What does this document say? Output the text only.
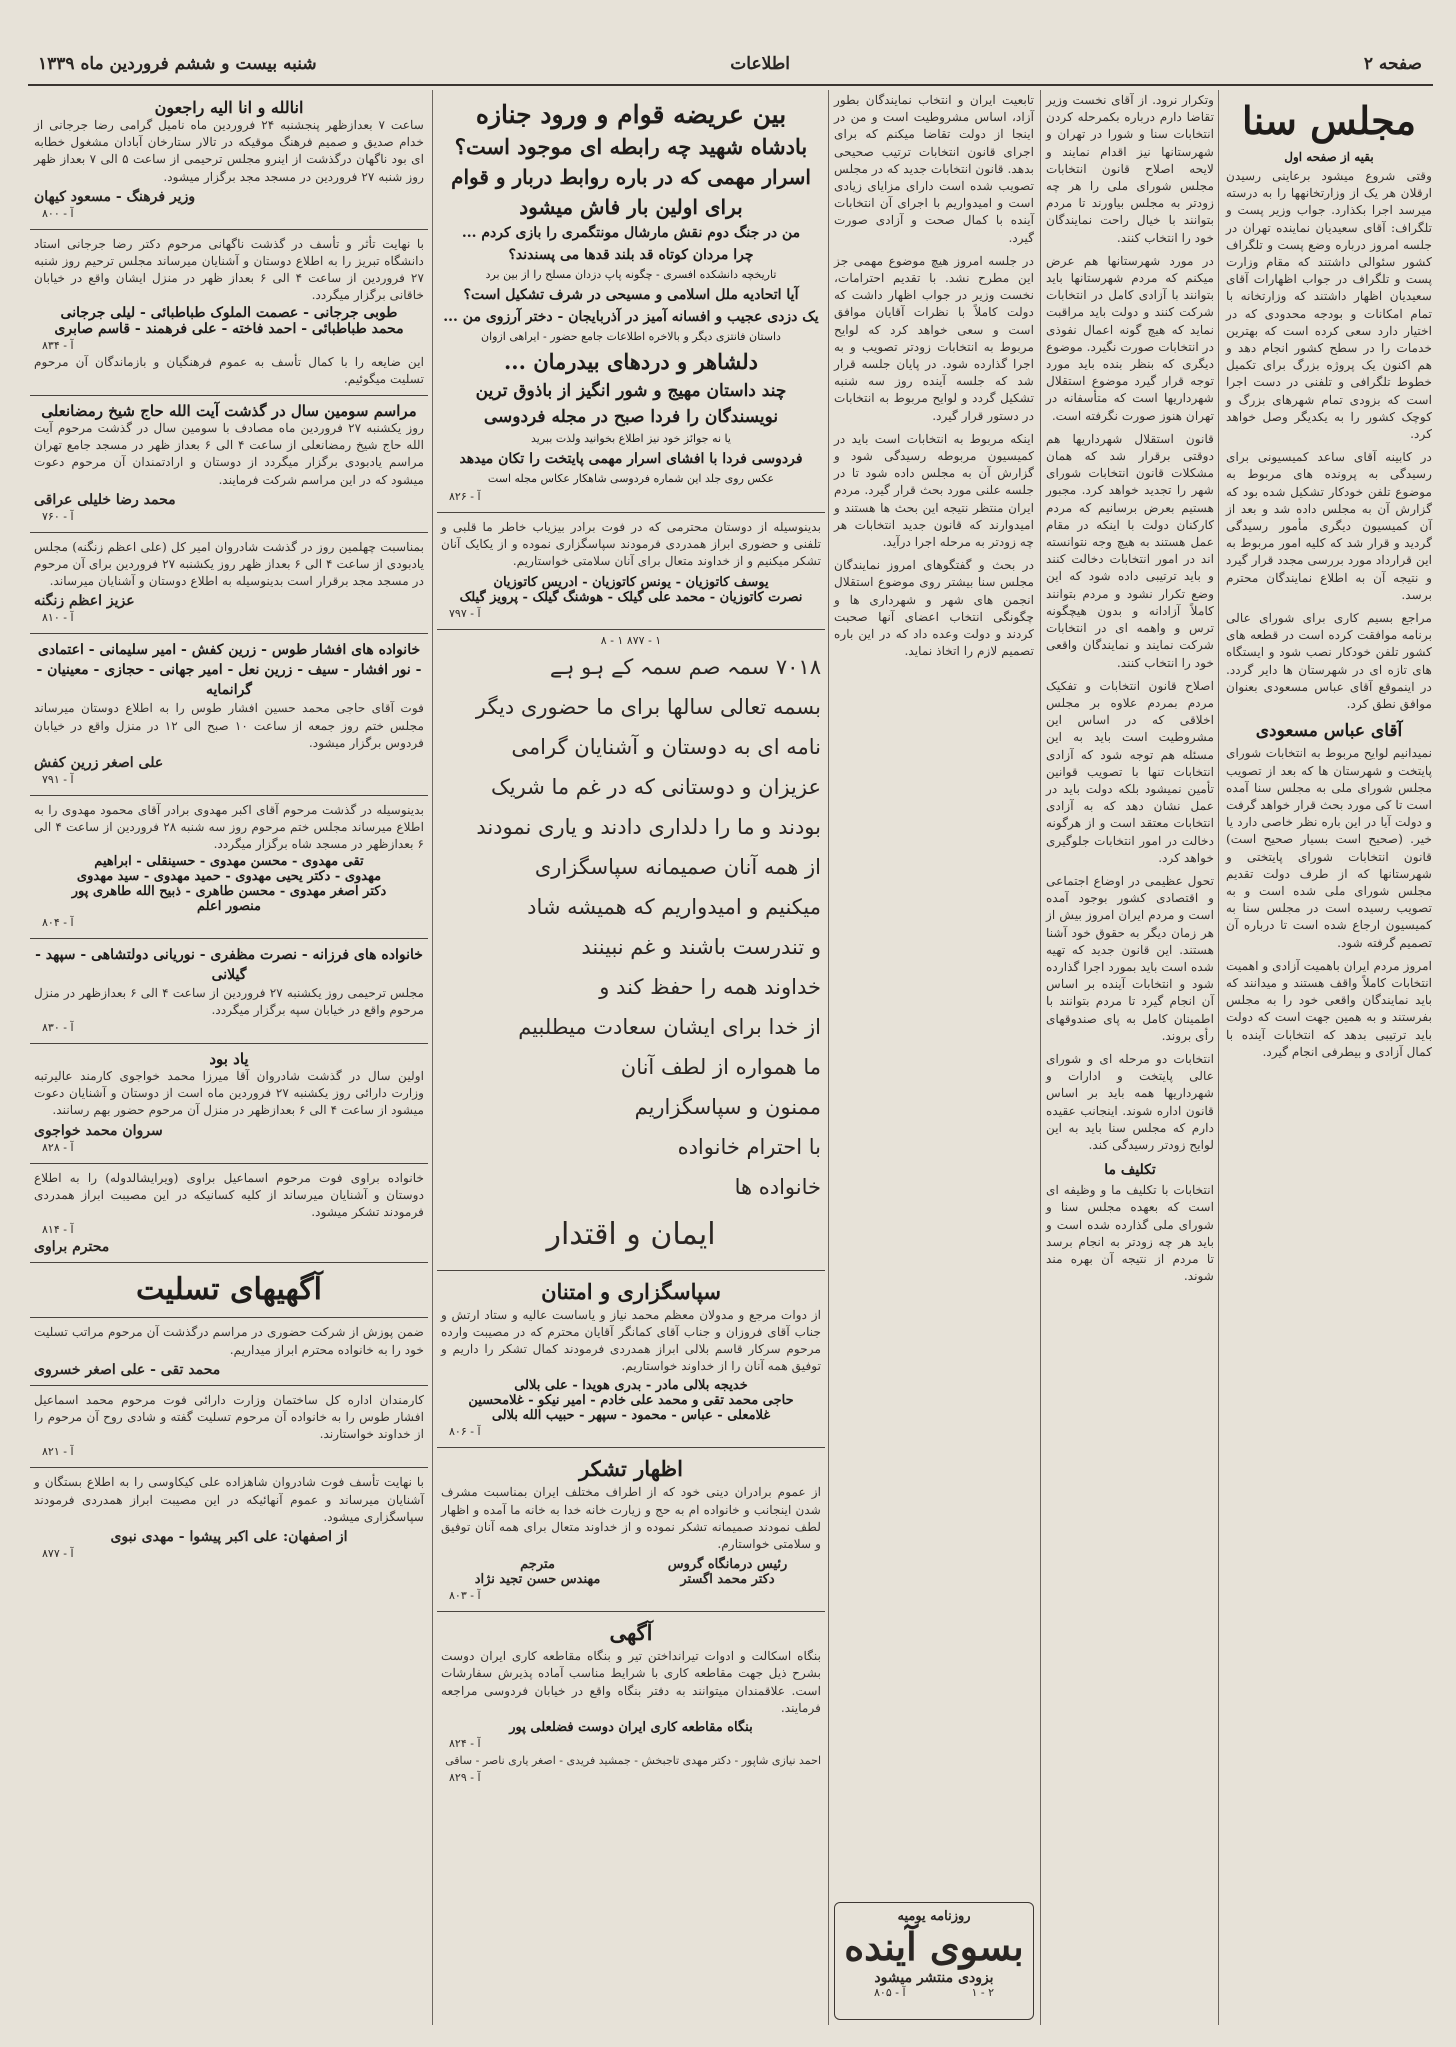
صفحه ۲
اطلاعات
شنبه بیست و ششم فروردین ماه ۱۳۳۹
مجلس سنا
بقیه از صفحه اول
وقتی شروع میشود برعاینی رسیدن ارقلان هر یک از وزارتخانهها را به درسته میرسد اجرا بکذارد. جواب وزیر پست و تلگراف: آقای سعیدیان نماینده تهران در جلسه امروز درباره وضع پست و تلگراف کشور سئوالی داشتند که مقام وزارت پست و تلگراف در جواب اظهارات آقای سعیدیان اظهار داشتند که وزارتخانه با تمام امکانات و بودجه محدودی که در اختیار دارد سعی کرده است که بهترین خدمات را در سطح کشور انجام دهد و هم اکنون یک پروژه بزرگ برای تکمیل خطوط تلگرافی و تلفنی در دست اجرا است که بزودی تمام شهرهای بزرگ و کوچک کشور را به یکدیگر وصل خواهد کرد.
در کابینه آقای ساعد کمیسیونی برای رسیدگی به پرونده های مربوط به موضوع تلفن خودکار تشکیل شده بود که گزارش آن به مجلس داده شد و بعد از آن کمیسیون دیگری مأمور رسیدگی گردید و قرار شد که کلیه امور مربوط به این قرارداد مورد بررسی مجدد قرار گیرد و نتیجه آن به اطلاع نمایندگان محترم برسد.
مراجع بسیم کاری برای شورای عالی برنامه موافقت کرده است در قطعه های کشور تلفن خودکار نصب شود و ایستگاه های تازه ای در شهرستان ها دایر گردد. در اینموقع آقای عباس مسعودی بعنوان موافق نطق کرد.
آقای عباس مسعودی
نمیدانیم لوایح مربوط به انتخابات شورای پایتخت و شهرستان ها که بعد از تصویب مجلس شورای ملی به مجلس سنا آمده است تا کی مورد بحث قرار خواهد گرفت و دولت آیا در این باره نظر خاصی دارد یا خیر. (صحیح است بسیار صحیح است) قانون انتخابات شورای پایتختی و شهرستانها که از طرف دولت تقدیم مجلس شورای ملی شده است و به تصویب رسیده است در مجلس سنا به کمیسیون ارجاع شده است تا درباره آن تصمیم گرفته شود.
امروز مردم ایران باهمیت آزادی و اهمیت انتخابات کاملاً واقف هستند و میدانند که باید نمایندگان واقعی خود را به مجلس بفرستند و به همین جهت است که دولت باید ترتیبی بدهد که انتخابات آینده با کمال آزادی و بیطرفی انجام گیرد.
وتکرار نرود. از آقای نخست وزیر تقاضا دارم درباره بکمرحله کردن انتخابات سنا و شورا در تهران و شهرستانها نیز اقدام نمایند و لایحه اصلاح قانون انتخابات مجلس شورای ملی را هر چه زودتر به مجلس بیاورند تا مردم بتوانند با خیال راحت نمایندگان خود را انتخاب کنند.
در مورد شهرستانها هم عرض میکنم که مردم شهرستانها باید بتوانند با آزادی کامل در انتخابات شرکت کنند و دولت باید مراقبت نماید که هیچ گونه اعمال نفوذی در انتخابات صورت نگیرد. موضوع دیگری که بنظر بنده باید مورد توجه قرار گیرد موضوع استقلال شهرداریها است که متأسفانه در تهران هنوز صورت نگرفته است.
قانون استقلال شهرداریها هم دوقتی برقرار شد که همان مشکلات قانون انتخابات شورای شهر را تجدید خواهد کرد. مجبور هستیم بعرض برسانیم که مردم کارکنان دولت با اینکه در مقام عمل هستند به هیچ وجه نتوانسته اند در امور انتخابات دخالت کنند و باید ترتیبی داده شود که این وضع تکرار نشود و مردم بتوانند کاملاً آزادانه و بدون هیچگونه ترس و واهمه ای در انتخابات شرکت نمایند و نمایندگان واقعی خود را انتخاب کنند.
اصلاح قانون انتخابات و تفکیک مردم بمردم علاوه بر مجلس اخلاقی که در اساس این مشروطیت است باید به این مسئله هم توجه شود که آزادی انتخابات تنها با تصویب قوانین تأمین نمیشود بلکه دولت باید در عمل نشان دهد که به آزادی انتخابات معتقد است و از هرگونه دخالت در امور انتخابات جلوگیری خواهد کرد.
تحول عظیمی در اوضاع اجتماعی و اقتصادی کشور بوجود آمده است و مردم ایران امروز بیش از هر زمان دیگر به حقوق خود آشنا هستند. این قانون جدید که تهیه شده است باید بمورد اجرا گذارده شود و انتخابات آینده بر اساس آن انجام گیرد تا مردم بتوانند با اطمینان کامل به پای صندوقهای رأی بروند.
انتخابات دو مرحله ای و شورای عالی پایتخت و ادارات و شهرداریها همه باید بر اساس قانون اداره شوند. اینجانب عقیده دارم که مجلس سنا باید به این لوایح زودتر رسیدگی کند.
تکلیف ما
انتخابات با تکلیف ما و وظیفه ای است که بعهده مجلس سنا و شورای ملی گذارده شده است و باید هر چه زودتر به انجام برسد تا مردم از نتیجه آن بهره مند شوند.
تابعیت ایران و انتخاب نمایندگان بطور آزاد، اساس مشروطیت است و من در اینجا از دولت تقاضا میکنم که برای اجرای قانون انتخابات ترتیب صحیحی بدهد. قانون انتخابات جدید که در مجلس تصویب شده است دارای مزایای زیادی است و امیدواریم با اجرای آن انتخابات آینده با کمال صحت و آزادی صورت گیرد.
در جلسه امروز هیچ موضوع مهمی جز این مطرح نشد. با تقدیم احترامات، نخست وزیر در جواب اظهار داشت که دولت کاملاً با نظرات آقایان موافق است و سعی خواهد کرد که لوایح مربوط به انتخابات زودتر تصویب و به اجرا گذارده شود. در پایان جلسه قرار شد که جلسه آینده روز سه شنبه تشکیل گردد و لوایح مربوط به انتخابات در دستور قرار گیرد.
اینکه مربوط به انتخابات است باید در کمیسیون مربوطه رسیدگی شود و گزارش آن به مجلس داده شود تا در جلسه علنی مورد بحث قرار گیرد. مردم ایران منتظر نتیجه این بحث ها هستند و امیدوارند که قانون جدید انتخابات هر چه زودتر به مرحله اجرا درآید.
در بحث و گفتگوهای امروز نمایندگان مجلس سنا بیشتر روی موضوع استقلال انجمن های شهر و شهرداری ها و چگونگی انتخاب اعضای آنها صحبت کردند و دولت وعده داد که در این باره تصمیم لازم را اتخاذ نماید.
روزنامه یومیه
بسوی آینده
بزودی منتشر میشود
۲ - ۱
آ - ۸۰۵
بین عریضه قوام و ورود جنازه
بادشاه شهید چه رابطه ای موجود است؟
اسرار مهمی که در باره روابط دربار و قوام برای اولین بار فاش میشود
من در جنگ دوم نقش مارشال مونتگمری را بازی کردم ...
چرا مردان کوتاه قد بلند قدها می پسندند؟
تاریخچه دانشکده افسری - چگونه پاپ دزدان مسلح را از بین برد
آیا اتحادیه ملل اسلامی و مسیحی در شرف تشکیل است؟
یک دزدی عجیب و افسانه آمیز در آذربایجان - دختر آرزوی من ...
داستان فانتزی دیگر و بالاخره اطلاعات جامع حضور - ایراهی ازوان
دلشاهر و دردهای بیدرمان ...
چند داستان مهیج و شور انگیز از باذوق ترین نویسندگان را فردا صبح در مجله فردوسی
یا نه جوائز خود نیز اطلاع بخوانید ولذت ببرید
فردوسی فردا با افشای اسرار مهمی پایتخت را تکان میدهد
عکس روی جلد این شماره فردوسی شاهکار عکاس مجله است
آ - ۸۲۶
بدینوسیله از دوستان محترمی که در فوت برادر بیزیاب خاطر ما قلبی و تلفنی و حضوری ابراز همدردی فرمودند سپاسگزاری نموده و از یکایک آنان تشکر میکنیم و از خداوند متعال برای آنان سلامتی خواستاریم.
یوسف کاتوزیان - یونس کاتوزیان - ادریس کاتوزیان
نصرت کاتوزیان - محمد علی گیلک - هوشنگ گیلک - پرویز گیلک
آ - ۷۹۷
۱ - ۸۷۷ ۱ - ۸
۷۰۱۸ سمہ صم سمہ کے ہو ہے
بسمه تعالی سالها برای ما حضوری دیگر
نامه ای به دوستان و آشنایان گرامی
عزیزان و دوستانی که در غم ما شریک
بودند و ما را دلداری دادند و یاری نمودند
از همه آنان صمیمانه سپاسگزاری
میکنیم و امیدواریم که همیشه شاد
و تندرست باشند و غم نبینند
خداوند همه را حفظ کند و
از خدا برای ایشان سعادت میطلبیم
ما همواره از لطف آنان
ممنون و سپاسگزاریم
با احترام خانواده
خانواده ها
ایمان و اقتدار
سپاسگزاری و امتنان
از دوات مرجع و مدولان معظم محمد نیاز و یاساست عالیه و ستاد ارتش و جناب آقای فروزان و جناب آقای کمانگر آقایان محترم که در مصیبت وارده مرحوم سرکار قاسم بلالی ابراز همدردی فرمودند کمال تشکر را داریم و توفیق همه آنان را از خداوند خواستاریم.
خدیجه بلالی مادر - بدری هویدا - علی بلالی
حاجی محمد تقی و محمد علی خادم - امیر نیکو - غلامحسین
غلامعلی - عباس - محمود - سپهر - حبیب الله بلالی
آ - ۸۰۶
اظهار تشکر
از عموم برادران دینی خود که از اطراف مختلف ایران بمناسبت مشرف شدن اینجانب و خانواده ام به حج و زیارت خانه خدا به خانه ما آمده و اظهار لطف نمودند صمیمانه تشکر نموده و از خداوند متعال برای همه آنان توفیق و سلامتی خواستارم.
رئیس درمانگاه گروس
دکتر محمد اگستر
مترجم
مهندس حسن تجید نژاد
آ - ۸۰۳
آگهی
بنگاه اسکالت و ادوات تیرانداختن تیر و بنگاه مقاطعه کاری ایران دوست بشرح ذیل جهت مقاطعه کاری با شرایط مناسب آماده پذیرش سفارشات است. علاقمندان میتوانند به دفتر بنگاه واقع در خیابان فردوسی مراجعه فرمایند.
بنگاه مقاطعه کاری ایران دوست فضلعلی پور
آ - ۸۲۴
احمد نیازی شاپور - دکتر مهدی تاجبخش - جمشید فریدی - اصغر یاری ناصر - ساقی
آ - ۸۲۹
انالله و انا الیه راجعون
ساعت ۷ بعدازظهر پنجشنبه ۲۴ فروردین ماه نامیل گرامی رضا جرجانی از خدام صدیق و صمیم فرهنگ موقیکه در تالار ستارخان آبادان مشغول خطابه ای بود ناگهان درگذشت از اینرو مجلس ترحیمی از ساعت ۵ الی ۷ بعداز ظهر روز شنبه ۲۷ فروردین در مسجد مجد برگزار میشود.
وزیر فرهنگ - مسعود کیهان
آ - ۸۰۰
با نهایت تأثر و تأسف در گذشت ناگهانی مرحوم دکتر رضا جرجانی استاد دانشگاه تبریز را به اطلاع دوستان و آشنایان میرساند مجلس ترحیم روز شنبه ۲۷ فروردین از ساعت ۴ الی ۶ بعداز ظهر در منزل ایشان واقع در خیابان خاقانی برگزار میگردد.
طوبی جرجانی - عصمت الملوک طباطبائی - لیلی جرجانی
محمد طباطبائی - احمد فاخته - علی فرهمند - قاسم صابری
آ - ۸۳۴
این ضایعه را با کمال تأسف به عموم فرهنگیان و بازماندگان آن مرحوم تسلیت میگوئیم.
مراسم سومین سال در گذشت آیت الله حاج شیخ رمضانعلی
روز یکشنبه ۲۷ فروردین ماه مصادف با سومین سال در گذشت مرحوم آیت الله حاج شیخ رمضانعلی از ساعت ۴ الی ۶ بعداز ظهر در مسجد جامع تهران مراسم یادبودی برگزار میگردد از دوستان و ارادتمندان آن مرحوم دعوت میشود که در این مراسم شرکت فرمایند.
محمد رضا خلیلی عراقی
آ - ۷۶۰
بمناسبت چهلمین روز در گذشت شادروان امیر کل (علی اعظم زنگنه) مجلس یادبودی از ساعت ۴ الی ۶ بعداز ظهر روز یکشنبه ۲۷ فروردین برای آن مرحوم در مسجد مجد برقرار است بدینوسیله به اطلاع دوستان و آشنایان میرساند.
عزیز اعظم زنگنه
آ - ۸۱۰
خانواده های افشار طوس - زرین کفش - امیر سلیمانی - اعتمادی - نور افشار - سیف - زرین نعل - امیر جهانی - حجازی - معینیان - گرانمایه
فوت آقای حاجی محمد حسین افشار طوس را به اطلاع دوستان میرساند مجلس ختم روز جمعه از ساعت ۱۰ صبح الی ۱۲ در منزل واقع در خیابان فردوس برگزار میشود.
علی اصغر زرین کفش
آ - ۷۹۱
بدینوسیله در گذشت مرحوم آقای اکبر مهدوی برادر آقای محمود مهدوی را به اطلاع میرساند مجلس ختم مرحوم روز سه شنبه ۲۸ فروردین از ساعت ۴ الی ۶ بعدازظهر در مسجد شاه برگزار میگردد.
تقی مهدوی - محسن مهدوی - حسینقلی - ابراهیم
مهدوی - دکتر یحیی مهدوی - حمید مهدوی - سید مهدوی
دکتر اصغر مهدوی - محسن طاهری - ذبیح الله طاهری پور
منصور اعلم
آ - ۸۰۴
خانواده های فرزانه - نصرت مظفری - نوریانی دولتشاهی - سپهد - گیلانی
مجلس ترحیمی روز یکشنبه ۲۷ فروردین از ساعت ۴ الی ۶ بعدازظهر در منزل مرحوم واقع در خیابان سپه برگزار میگردد.
آ - ۸۳۰
یاد بود
اولین سال در گذشت شادروان آقا میرزا محمد خواجوی کارمند عالیرتبه وزارت دارائی روز یکشنبه ۲۷ فروردین ماه است از دوستان و آشنایان دعوت میشود از ساعت ۴ الی ۶ بعدازظهر در منزل آن مرحوم حضور بهم رسانند.
سروان محمد خواجوی
آ - ۸۲۸
خانواده براوی فوت مرحوم اسماعیل براوی (ویرایشالدوله) را به اطلاع دوستان و آشنایان میرساند از کلیه کسانیکه در این مصیبت ابراز همدردی فرمودند تشکر میشود.
آ - ۸۱۴
محترم براوی
آگهیهای تسلیت
ضمن پوزش از شرکت حضوری در مراسم درگذشت آن مرحوم مراتب تسلیت خود را به خانواده محترم ابراز میداریم.
محمد تقی - علی اصغر خسروی
کارمندان اداره کل ساختمان وزارت دارائی فوت مرحوم محمد اسماعیل افشار طوس را به خانواده آن مرحوم تسلیت گفته و شادی روح آن مرحوم را از خداوند خواستارند.
آ - ۸۲۱
با نهایت تأسف فوت شادروان شاهزاده علی کیکاوسی را به اطلاع بستگان و آشنایان میرساند و عموم آنهائیکه در این مصیبت ابراز همدردی فرمودند سپاسگزاری میشود.
از اصفهان: علی اکبر پیشوا - مهدی نبوی
آ - ۸۷۷
